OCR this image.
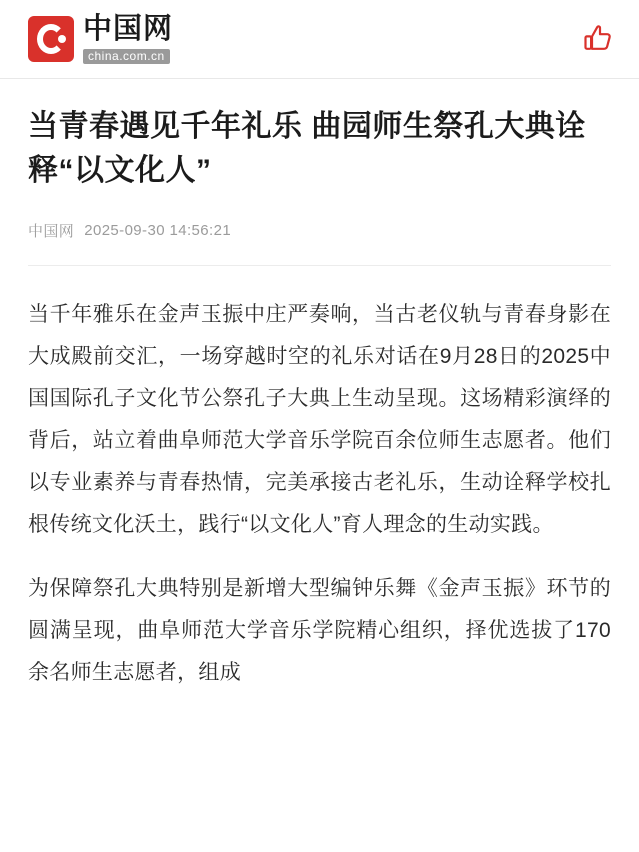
中国网
china.com.cn
当青春遇见千年礼乐 曲园师生祭孔大典诠释“以文化人”
中国网 2025-09-30 14:56:21

当千年雅乐在金声玉振中庄严奏响，当古老仪轨与青春身影在大成殿前交汇，一场穿越时空的礼乐对话在9月28日的2025中国国际孔子文化节公祭孔子大典上生动呈现。这场精彩演绎的背后，站立着曲阜师范大学音乐学院百余位师生志愿者。他们以专业素养与青春热情，完美承接古老礼乐，生动诠释学校扎根传统文化沃土，践行“以文化人”育人理念的生动实践。

为保障祭孔大典特别是新增大型编钟乐舞《金声玉振》环节的圆满呈现，曲阜师范大学音乐学院精心组织，择优选拔了170余名师生志愿者，组成
